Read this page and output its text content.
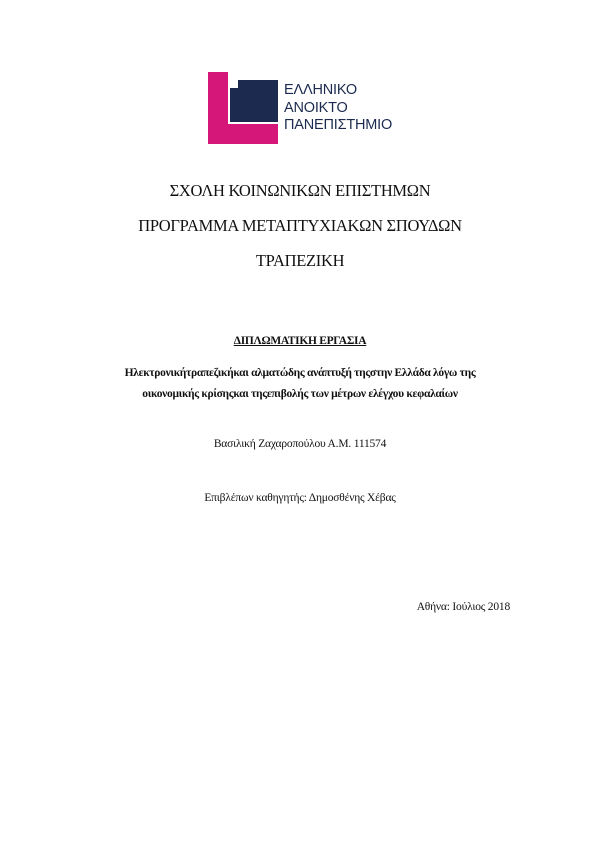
ΕΛΛΗΝΙΚΟ
ΑΝΟΙΚΤΟ
ΠΑΝΕΠΙΣΤΗΜΙΟ
ΣΧΟΛΗ ΚΟΙΝΩΝΙΚΩΝ ΕΠΙΣΤΗΜΩΝ
ΠΡΟΓΡΑΜΜΑ ΜΕΤΑΠΤΥΧΙΑΚΩΝ ΣΠΟΥΔΩΝ
ΤΡΑΠΕΖΙΚΗ
ΔΙΠΛΩΜΑΤΙΚΗ ΕΡΓΑΣΙΑ
Ηλεκτρονικήτραπεζικήκαι αλματώδης ανάπτυξή τηςστην Ελλάδα λόγω της
οικονομικής κρίσηςκαι τηςεπιβολής των μέτρων ελέγχου κεφαλαίων
Βασιλική Ζαχαροπούλου Α.Μ. 111574
Επιβλέπων καθηγητής: Δημοσθένης Χέβας
Αθήνα: Ιούλιος 2018
